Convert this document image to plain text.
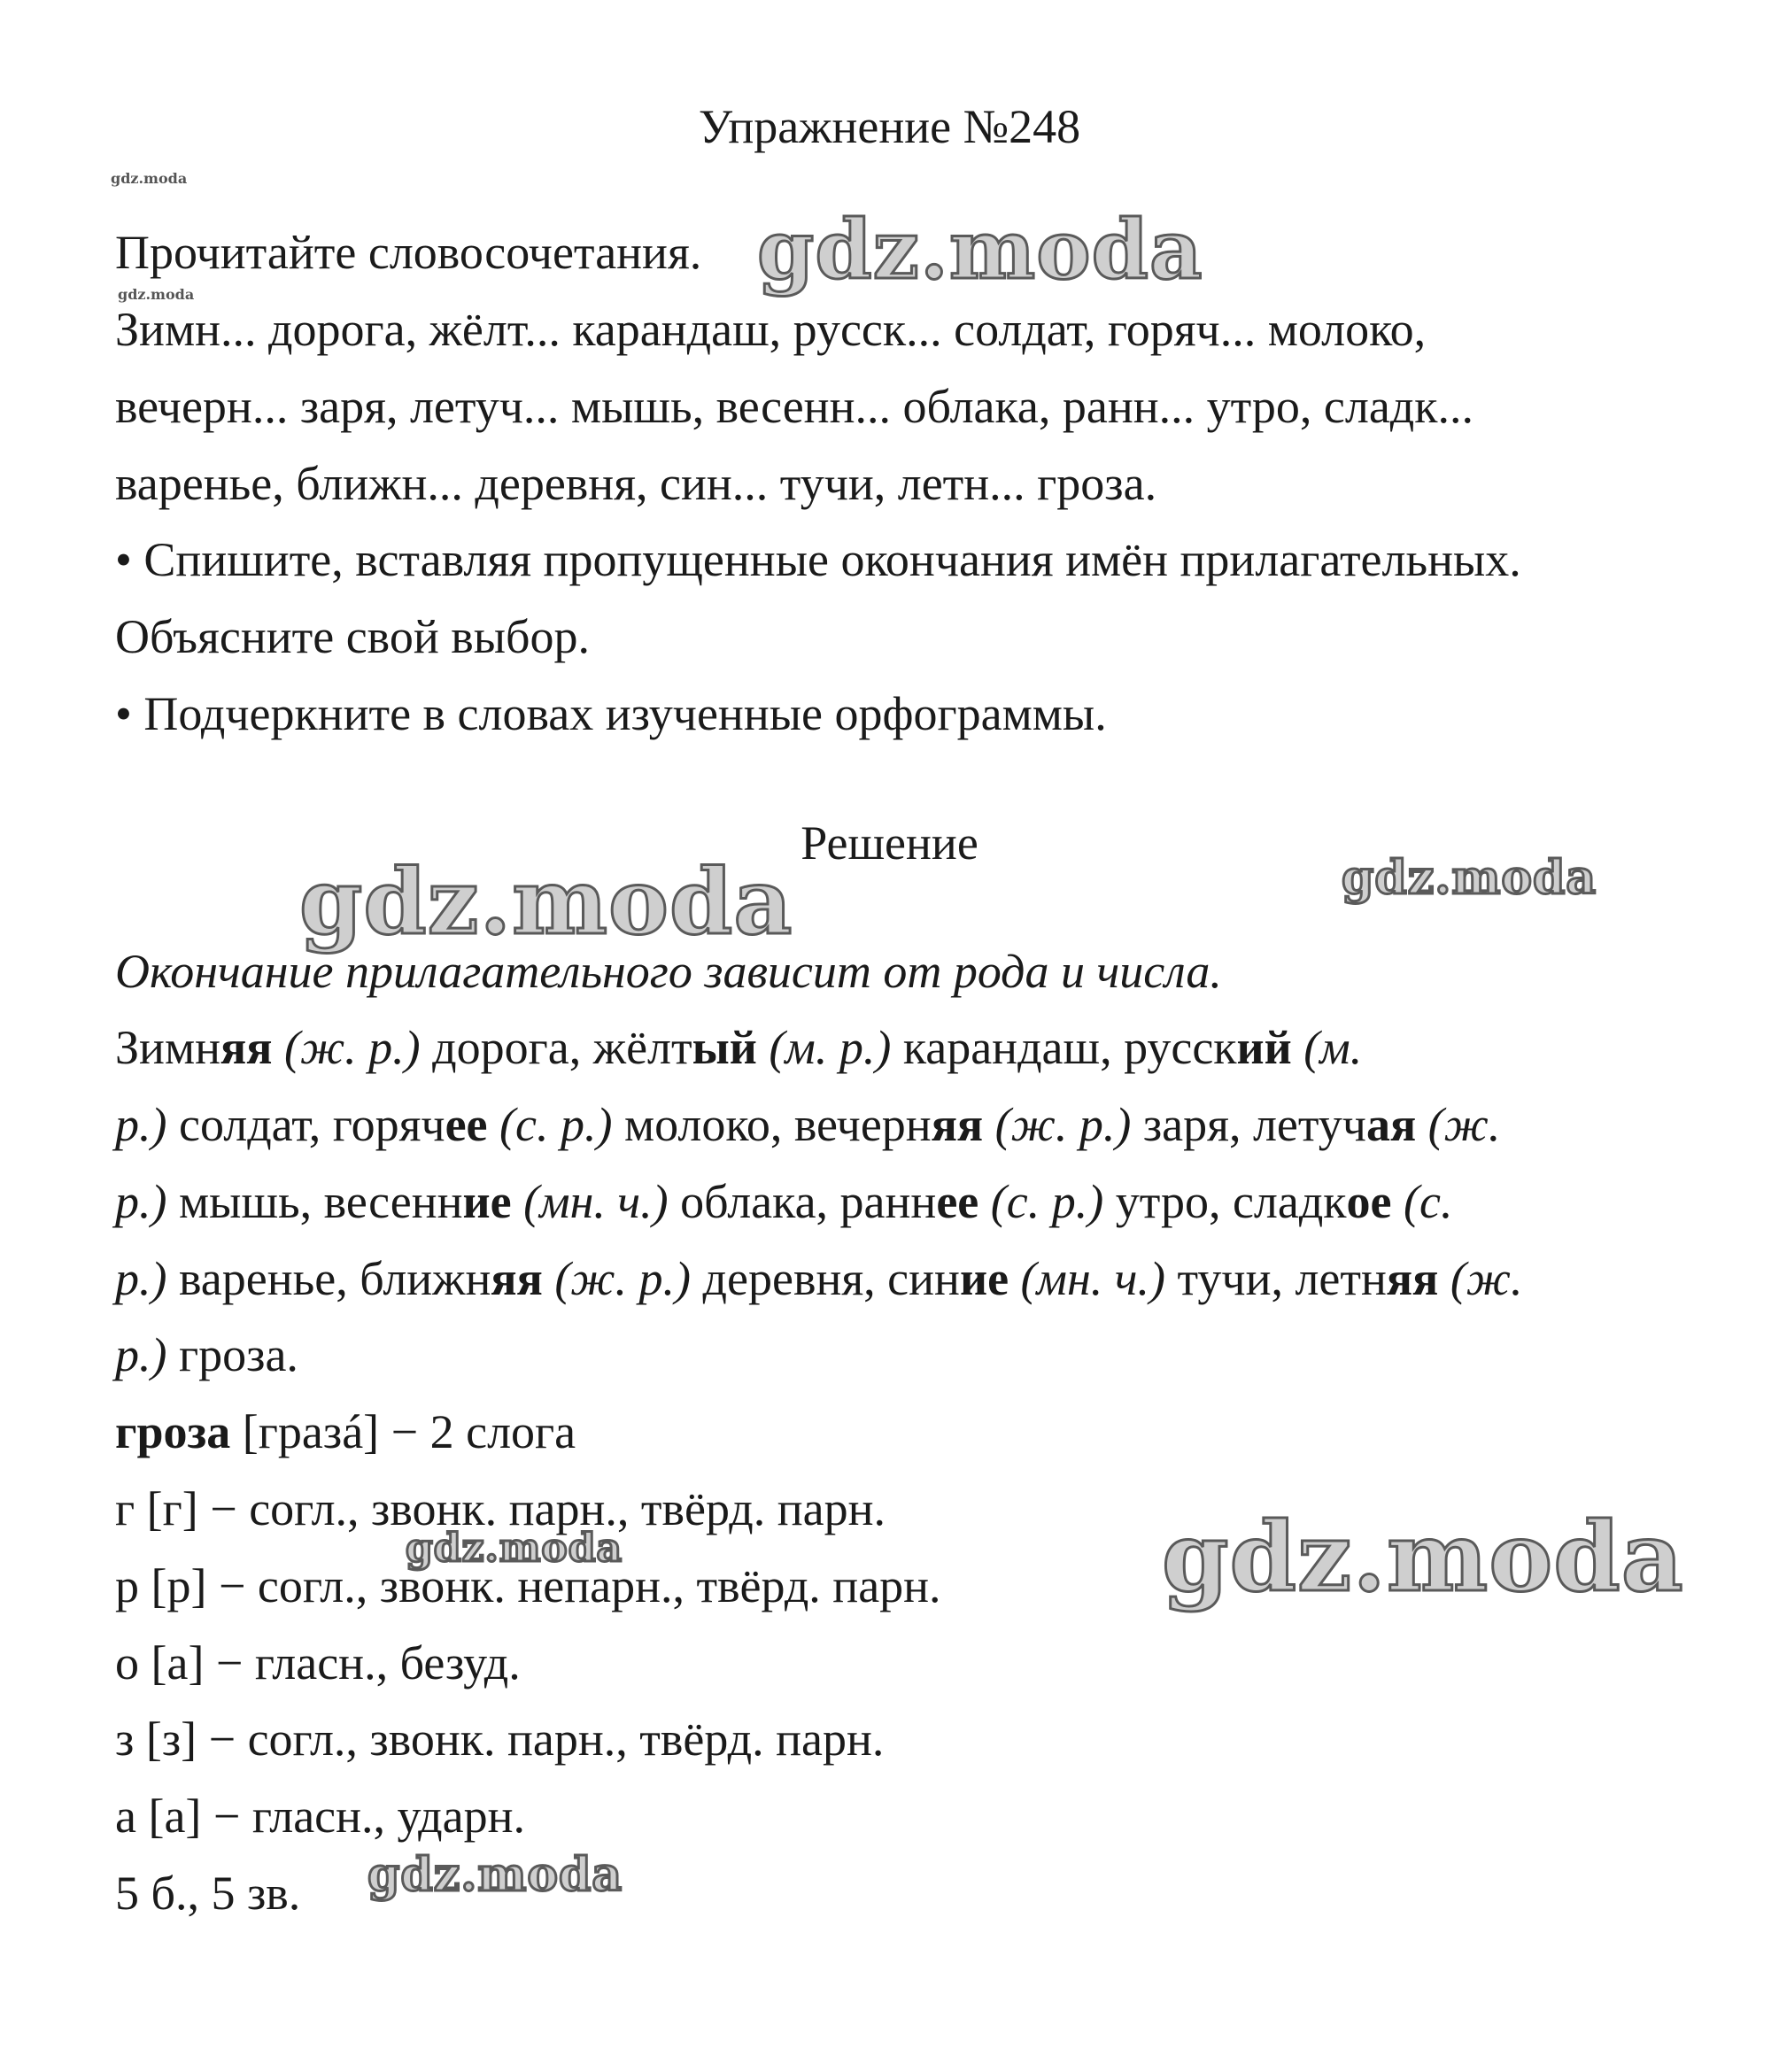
Упражнение №248
Прочитайте словосочетания.
Зимн... дорога, жёлт... карандаш, русск... солдат, горяч... молоко,
вечерн... заря, летуч... мышь, весенн... облака, ранн... утро, сладк...
варенье, ближн... деревня, син... тучи, летн... гроза.
• Спишите, вставляя пропущенные окончания имён прилагательных.
Объясните свой выбор.
• Подчеркните в словах изученные орфограммы.
Решение
Окончание прилагательного зависит от рода и числа.
Зимняя (ж. р.) дорога, жёлтый (м. р.) карандаш, русский (м.
р.) солдат, горячее (с. р.) молоко, вечерняя (ж. р.) заря, летучая (ж.
р.) мышь, весенние (мн. ч.) облака, раннее (с. р.) утро, сладкое (с.
р.) варенье, ближняя (ж. р.) деревня, синие (мн. ч.) тучи, летняя (ж.
р.) гроза.
гроза [грaзá] − 2 слога
г [г] − согл., звонк. парн., твёрд. парн.
р [р] − согл., звонк. непарн., твёрд. парн.
о [а] − гласн., безуд.
з [з] − согл., звонк. парн., твёрд. парн.
а [а] − гласн., ударн.
5 б., 5 зв.
gdz.moda
gdz.moda	gdz.moda
gdz.moda	gdz.moda
gdz.moda	gdz.moda
gdz.moda
